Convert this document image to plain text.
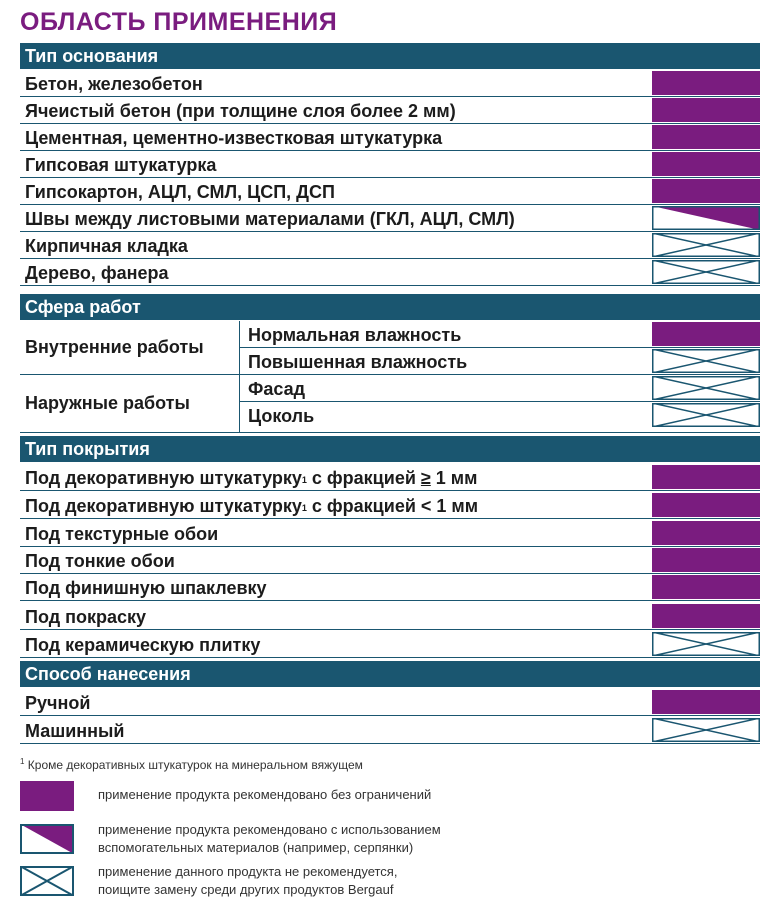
ОБЛАСТЬ ПРИМЕНЕНИЯ
Тип основания
Бетон, железобетон
Ячеистый бетон (при толщине слоя более 2 мм)
Цементная, цементно-известковая штукатурка
Гипсовая штукатурка
Гипсокартон, АЦЛ, СМЛ, ЦСП, ДСП
Швы между листовыми материалами (ГКЛ, АЦЛ, СМЛ)
Кирпичная кладка
Дерево, фанера
Сфера работ
Внутренние работы
Нормальная влажность
Повышенная влажность
Наружные работы
Фасад
Цоколь
Тип покрытия
Под декоративную штукатурку$^1$ с фракцией ≥ 1 мм
Под декоративную штукатурку$^1$ с фракцией < 1 мм
Под текстурные обои
Под тонкие обои
Под финишную шпаклевку
Под покраску
Под керамическую плитку
Способ нанесения
Ручной
Машинный
$^1$ Кроме декоративных штукатурок на минеральном вяжущем
применение продукта рекомендовано без ограничений
применение продукта рекомендовано с использованием
вспомогательных материалов (например, серпянки)
применение данного продукта не рекомендуется,
поищите замену среди других продуктов Bergauf
